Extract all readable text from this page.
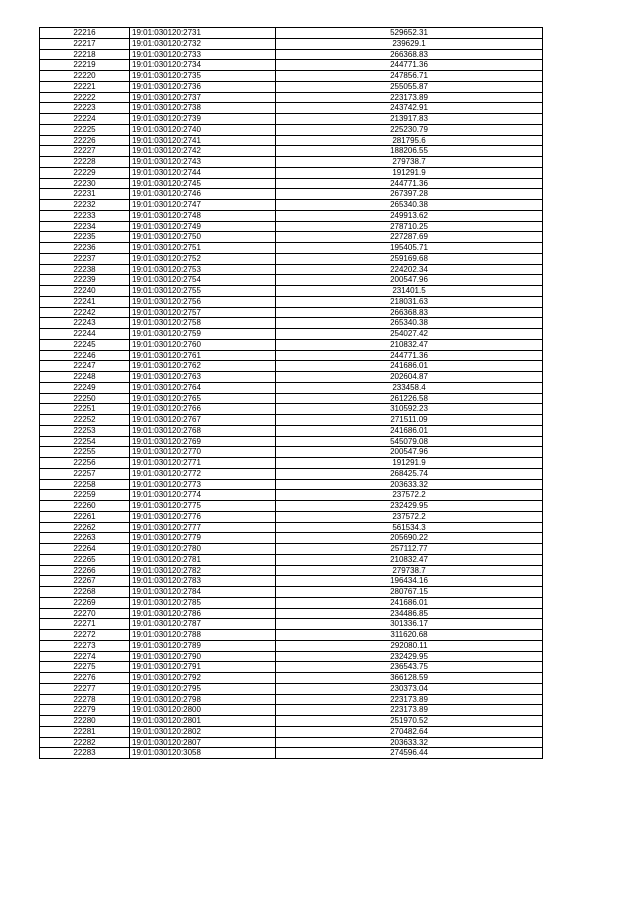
22216	19:01:030120:2731	529652.31
22217	19:01:030120:2732	239629.1
22218	19:01:030120:2733	266368.83
22219	19:01:030120:2734	244771.36
22220	19:01:030120:2735	247856.71
22221	19:01:030120:2736	255055.87
22222	19:01:030120:2737	223173.89
22223	19:01:030120:2738	243742.91
22224	19:01:030120:2739	213917.83
22225	19:01:030120:2740	225230.79
22226	19:01:030120:2741	281795.6
22227	19:01:030120:2742	188206.55
22228	19:01:030120:2743	279738.7
22229	19:01:030120:2744	191291.9
22230	19:01:030120:2745	244771.36
22231	19:01:030120:2746	267397.28
22232	19:01:030120:2747	265340.38
22233	19:01:030120:2748	249913.62
22234	19:01:030120:2749	278710.25
22235	19:01:030120:2750	227287.69
22236	19:01:030120:2751	195405.71
22237	19:01:030120:2752	259169.68
22238	19:01:030120:2753	224202.34
22239	19:01:030120:2754	200547.96
22240	19:01:030120:2755	231401.5
22241	19:01:030120:2756	218031.63
22242	19:01:030120:2757	266368.83
22243	19:01:030120:2758	265340.38
22244	19:01:030120:2759	254027.42
22245	19:01:030120:2760	210832.47
22246	19:01:030120:2761	244771.36
22247	19:01:030120:2762	241686.01
22248	19:01:030120:2763	202604.87
22249	19:01:030120:2764	233458.4
22250	19:01:030120:2765	261226.58
22251	19:01:030120:2766	310592.23
22252	19:01:030120:2767	271511.09
22253	19:01:030120:2768	241686.01
22254	19:01:030120:2769	545079.08
22255	19:01:030120:2770	200547.96
22256	19:01:030120:2771	191291.9
22257	19:01:030120:2772	268425.74
22258	19:01:030120:2773	203633.32
22259	19:01:030120:2774	237572.2
22260	19:01:030120:2775	232429.95
22261	19:01:030120:2776	237572.2
22262	19:01:030120:2777	561534.3
22263	19:01:030120:2779	205690.22
22264	19:01:030120:2780	257112.77
22265	19:01:030120:2781	210832.47
22266	19:01:030120:2782	279738.7
22267	19:01:030120:2783	196434.16
22268	19:01:030120:2784	280767.15
22269	19:01:030120:2785	241686.01
22270	19:01:030120:2786	234486.85
22271	19:01:030120:2787	301336.17
22272	19:01:030120:2788	311620.68
22273	19:01:030120:2789	292080.11
22274	19:01:030120:2790	232429.95
22275	19:01:030120:2791	236543.75
22276	19:01:030120:2792	366128.59
22277	19:01:030120:2795	230373.04
22278	19:01:030120:2798	223173.89
22279	19:01:030120:2800	223173.89
22280	19:01:030120:2801	251970.52
22281	19:01:030120:2802	270482.64
22282	19:01:030120:2807	203633.32
22283	19:01:030120:3058	274596.44
